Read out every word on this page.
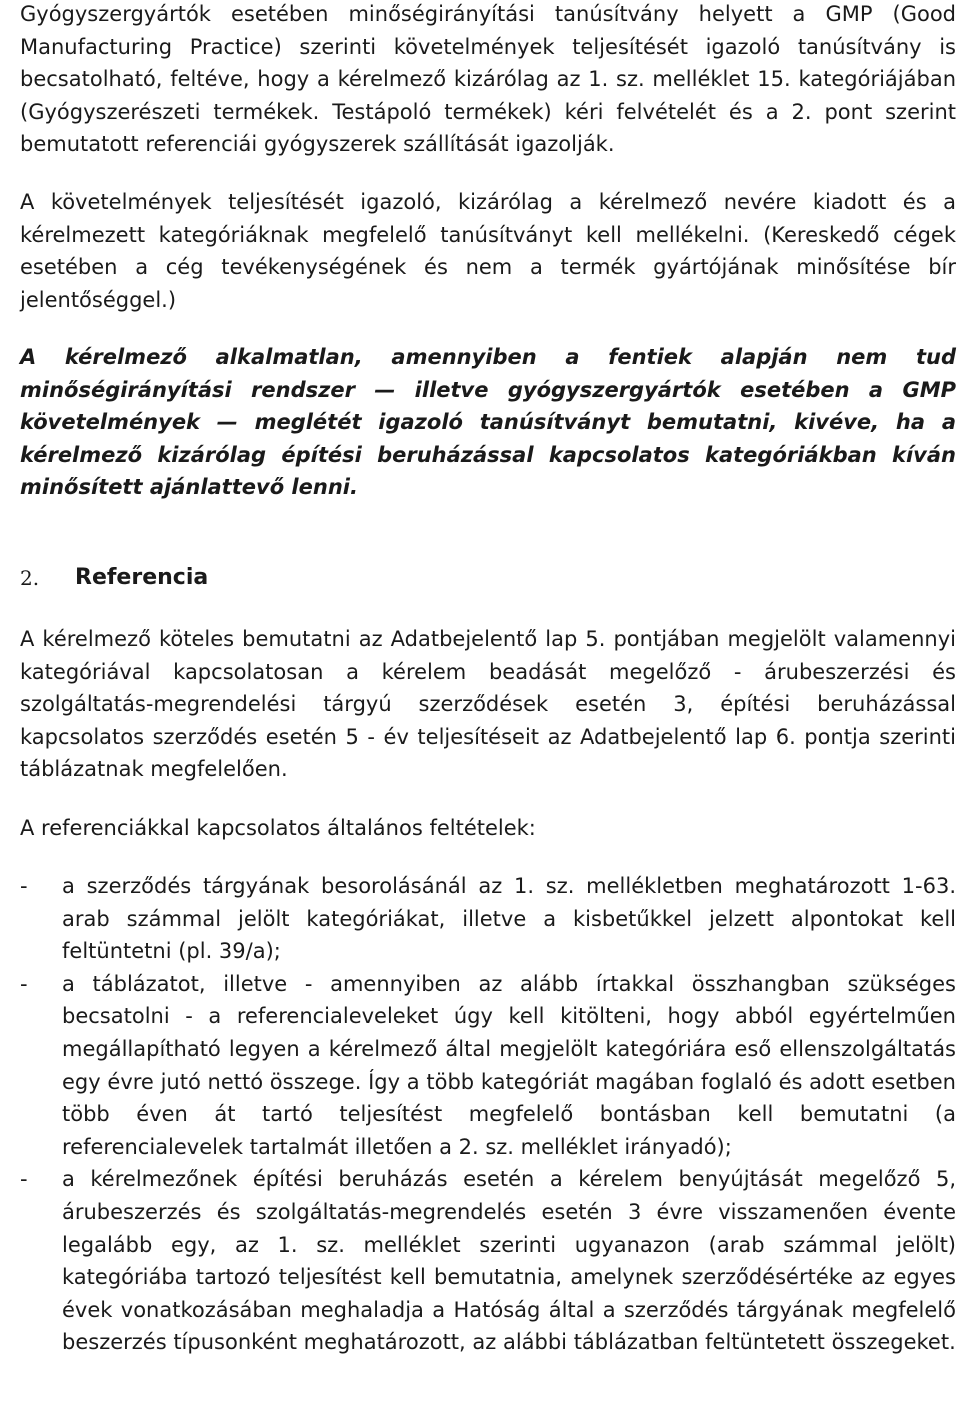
Gyógyszergyártók esetében minőségirányítási tanúsítvány helyett a GMP (Good Manufacturing Practice) szerinti követelmények teljesítését igazoló tanúsítvány is becsatolható, feltéve, hogy a kérelmező kizárólag az 1. sz. melléklet 15. kategóriájában (Gyógyszerészeti termékek. Testápoló termékek) kéri felvételét és a 2. pont szerint bemutatott referenciái gyógyszerek szállítását igazolják.

A követelmények teljesítését igazoló, kizárólag a kérelmező nevére kiadott és a kérelmezett kategóriáknak megfelelő tanúsítványt kell mellékelni. (Kereskedő cégek esetében a cég tevékenységének és nem a termék gyártójának minősítése bír jelentőséggel.)

A kérelmező alkalmatlan, amennyiben a fentiek alapján nem tud minőségirányítási rendszer — illetve gyógyszergyártók esetében a GMP követelmények — meglétét igazoló tanúsítványt bemutatni, kivéve, ha a kérelmező kizárólag építési beruházással kapcsolatos kategóriákban kíván minősített ajánlattevő lenni.

2.	Referencia

A kérelmező köteles bemutatni az Adatbejelentő lap 5. pontjában megjelölt valamennyi kategóriával kapcsolatosan a kérelem beadását megelőző - árubeszerzési és szolgáltatás-megrendelési tárgyú szerződések esetén 3, építési beruházással kapcsolatos szerződés esetén 5 - év teljesítéseit az Adatbejelentő lap 6. pontja szerinti táblázatnak megfelelően.

A referenciákkal kapcsolatos általános feltételek:

-	a szerződés tárgyának besorolásánál az 1. sz. mellékletben meghatározott 1-63. arab számmal jelölt kategóriákat, illetve a kisbetűkkel jelzett alpontokat kell feltüntetni (pl. 39/a);
-	a táblázatot, illetve - amennyiben az alább írtakkal összhangban szükséges becsatolni - a referencialeveleket úgy kell kitölteni, hogy abból egyértelműen megállapítható legyen a kérelmező által megjelölt kategóriára eső ellenszolgáltatás egy évre jutó nettó összege. Így a több kategóriát magában foglaló és adott esetben több éven át tartó teljesítést megfelelő bontásban kell bemutatni (a referencialevelek tartalmát illetően a 2. sz. melléklet irányadó);
-	a kérelmezőnek építési beruházás esetén a kérelem benyújtását megelőző 5, árubeszerzés és szolgáltatás-megrendelés esetén 3 évre visszamenően évente legalább egy, az 1. sz. melléklet szerinti ugyanazon (arab számmal jelölt) kategóriába tartozó teljesítést kell bemutatnia, amelynek szerződésértéke az egyes évek vonatkozásában meghaladja a Hatóság által a szerződés tárgyának megfelelő beszerzés típusonként meghatározott, az alábbi táblázatban feltüntetett összegeket.
